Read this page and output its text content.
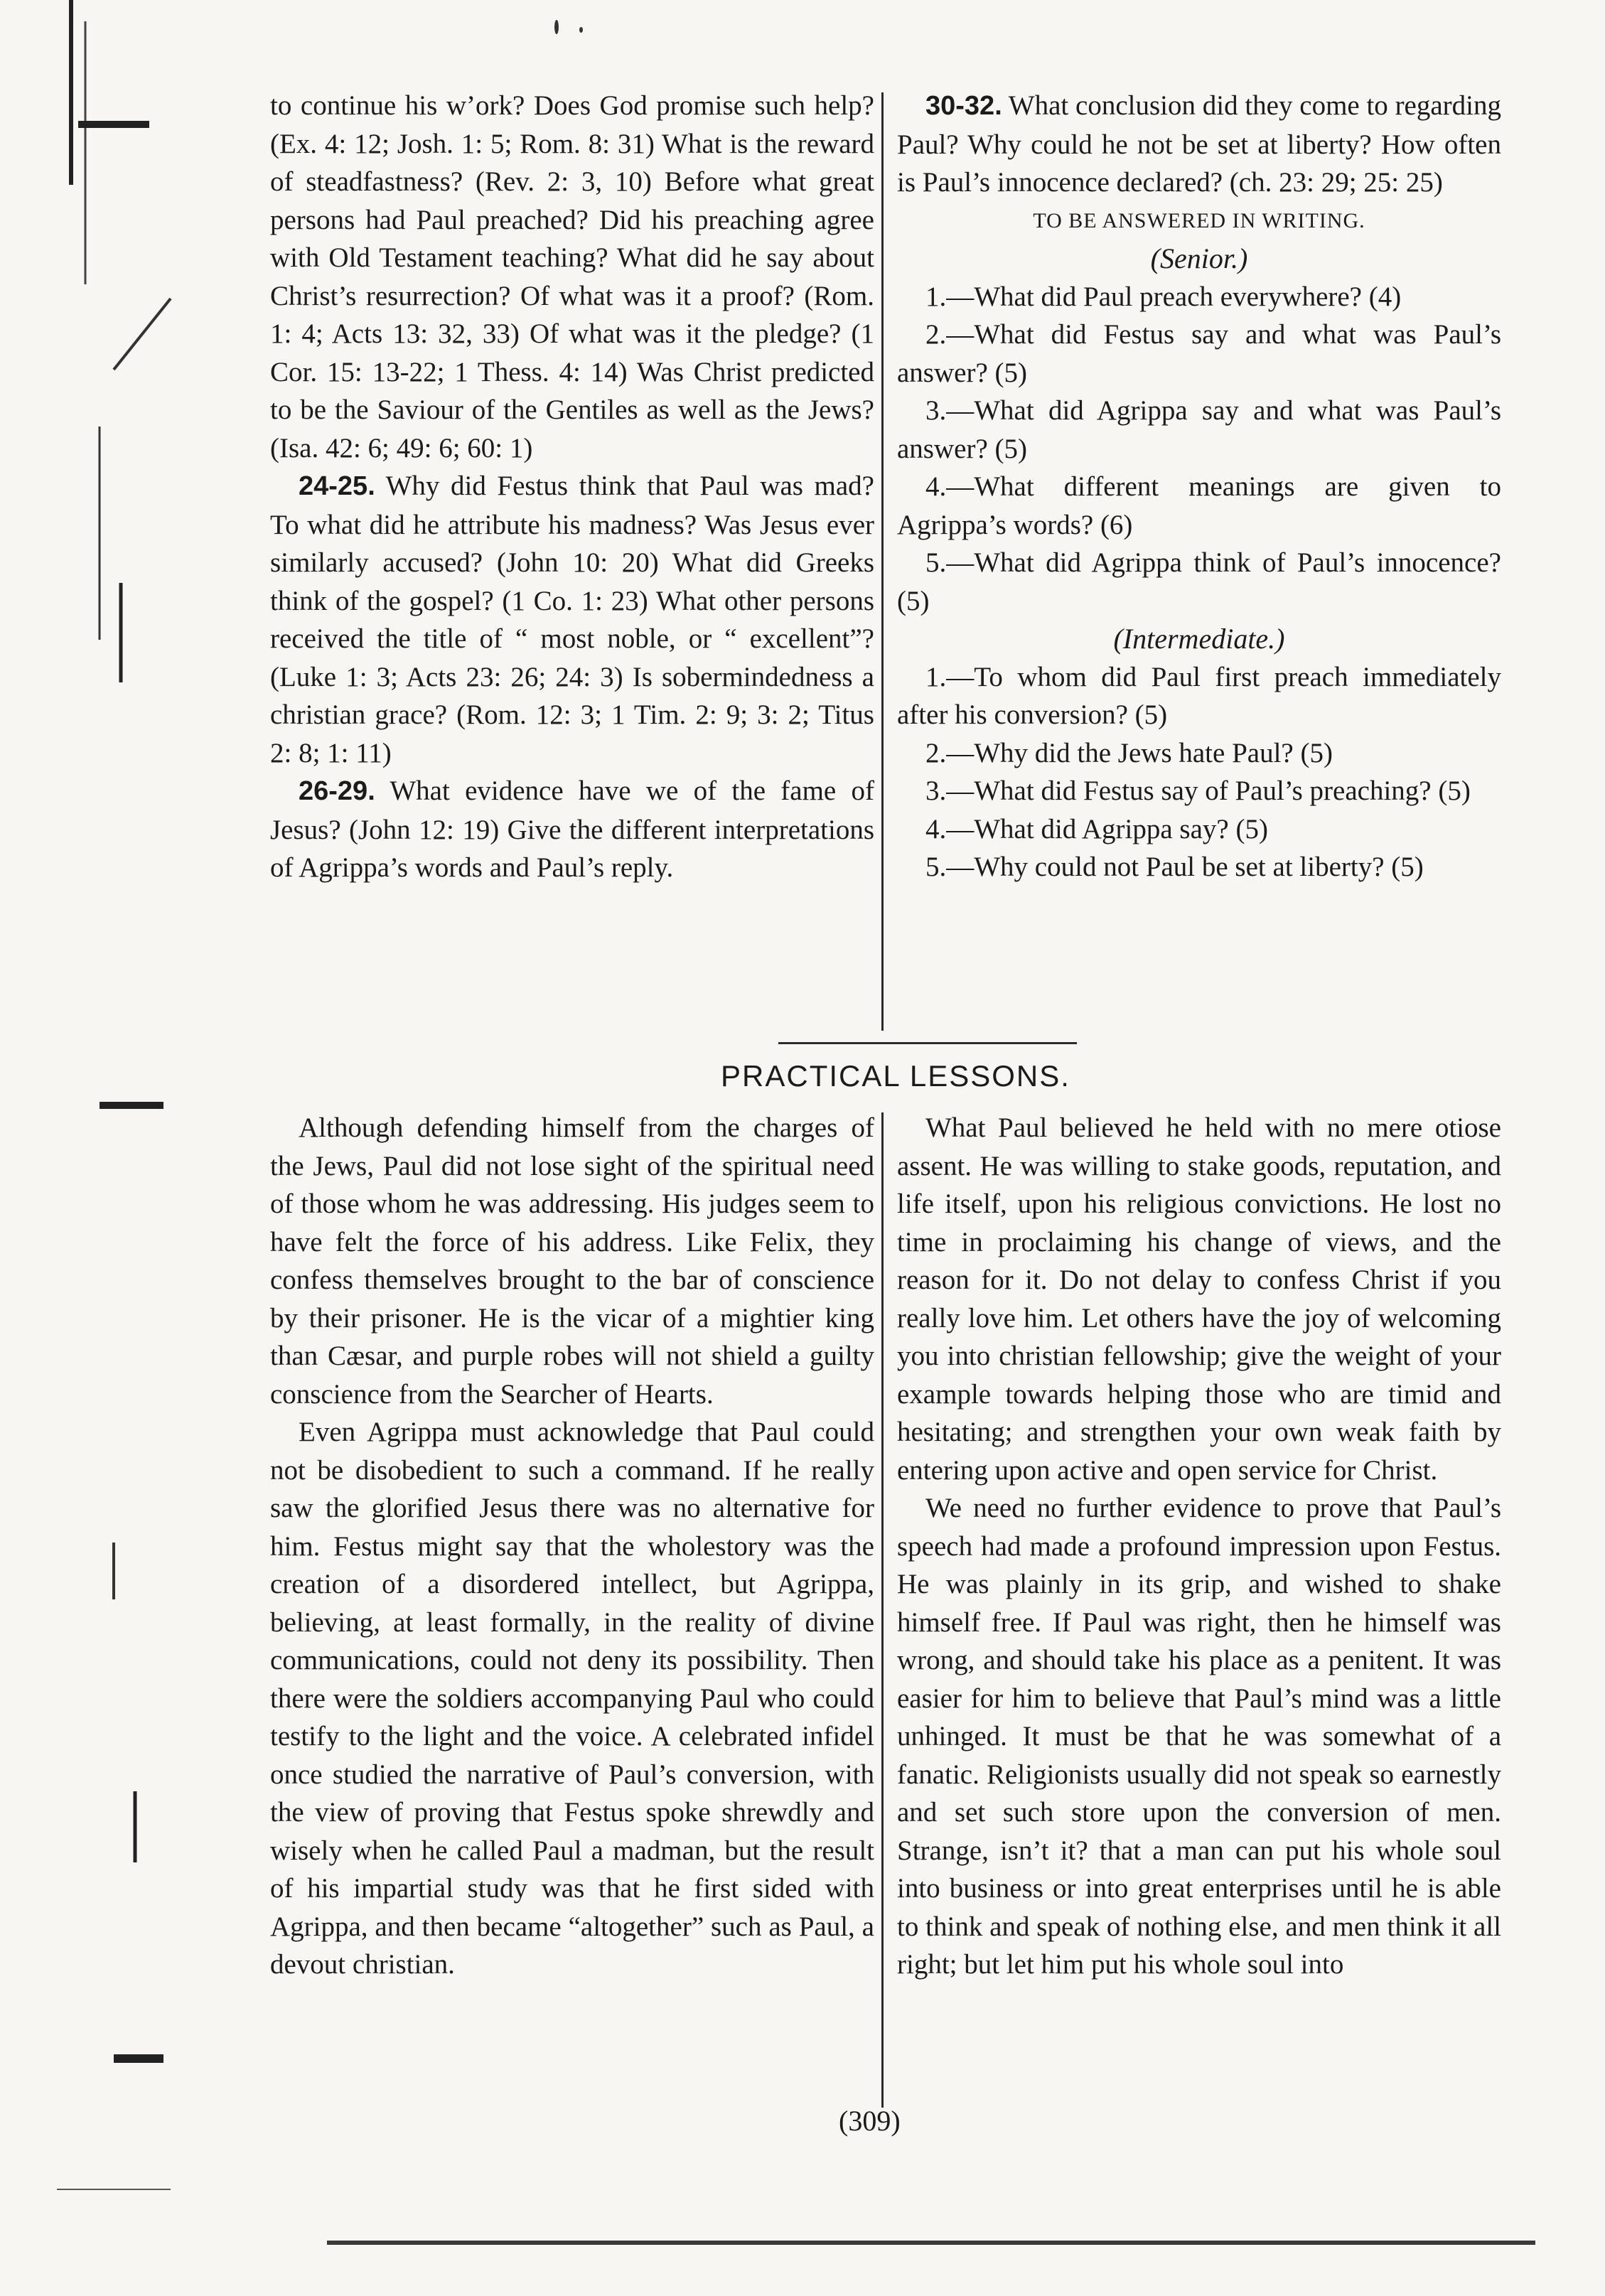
to continue his w’ork? Does God promise such help? (Ex. 4: 12; Josh. 1: 5; Rom. 8: 31) What is the reward of steadfastness? (Rev. 2: 3, 10) Before what great persons had Paul preached? Did his preaching agree with Old Testament teaching? What did he say about Christ’s resurrection? Of what was it a proof? (Rom. 1: 4; Acts 13: 32, 33) Of what was it the pledge? (1 Cor. 15: 13-22; 1 Thess. 4: 14) Was Christ predicted to be the Saviour of the Gentiles as well as the Jews? (Isa. 42: 6; 49: 6; 60: 1)

24-25. Why did Festus think that Paul was mad? To what did he attribute his madness? Was Jesus ever similarly accused? (John 10: 20) What did Greeks think of the gospel? (1 Co. 1: 23) What other persons received the title of “ most noble, or “ excellent”? (Luke 1: 3; Acts 23: 26; 24: 3) Is sobermindedness a christian grace? (Rom. 12: 3; 1 Tim. 2: 9; 3: 2; Titus 2: 8; 1: 11)

26-29. What evidence have we of the fame of Jesus? (John 12: 19) Give the different interpretations of Agrippa’s words and Paul’s reply.

30-32. What conclusion did they come to regarding Paul? Why could he not be set at liberty? How often is Paul’s innocence declared? (ch. 23: 29; 25: 25)

TO BE ANSWERED IN WRITING.

(Senior.)

1.—What did Paul preach everywhere? (4)

2.—What did Festus say and what was Paul’s answer? (5)

3.—What did Agrippa say and what was Paul’s answer? (5)

4.—What different meanings are given to Agrippa’s words? (6)

5.—What did Agrippa think of Paul’s innocence? (5)

(Intermediate.)

1.—To whom did Paul first preach immediately after his conversion? (5)

2.—Why did the Jews hate Paul? (5)

3.—What did Festus say of Paul’s preaching? (5)

4.—What did Agrippa say? (5)

5.—Why could not Paul be set at liberty? (5)

PRACTICAL LESSONS.

Although defending himself from the charges of the Jews, Paul did not lose sight of the spiritual need of those whom he was addressing. His judges seem to have felt the force of his address. Like Felix, they confess themselves brought to the bar of conscience by their prisoner. He is the vicar of a mightier king than Cæsar, and purple robes will not shield a guilty conscience from the Searcher of Hearts.

Even Agrippa must acknowledge that Paul could not be disobedient to such a command. If he really saw the glorified Jesus there was no alternative for him. Festus might say that the wholestory was the creation of a disordered intellect, but Agrippa, believing, at least formally, in the reality of divine communications, could not deny its possibility. Then there were the soldiers accompanying Paul who could testify to the light and the voice. A celebrated infidel once studied the narrative of Paul’s conversion, with the view of proving that Festus spoke shrewdly and wisely when he called Paul a madman, but the result of his impartial study was that he first sided with Agrippa, and then became “altogether” such as Paul, a devout christian.

What Paul believed he held with no mere otiose assent. He was willing to stake goods, reputation, and life itself, upon his religious convictions. He lost no time in proclaiming his change of views, and the reason for it. Do not delay to confess Christ if you really love him. Let others have the joy of welcoming you into christian fellowship; give the weight of your example towards helping those who are timid and hesitating; and strengthen your own weak faith by entering upon active and open service for Christ.

We need no further evidence to prove that Paul’s speech had made a profound impression upon Festus. He was plainly in its grip, and wished to shake himself free. If Paul was right, then he himself was wrong, and should take his place as a penitent. It was easier for him to believe that Paul’s mind was a little unhinged. It must be that he was somewhat of a fanatic. Religionists usually did not speak so earnestly and set such store upon the conversion of men. Strange, isn’t it? that a man can put his whole soul into business or into great enterprises until he is able to think and speak of nothing else, and men think it all right; but let him put his whole soul into

(309)
